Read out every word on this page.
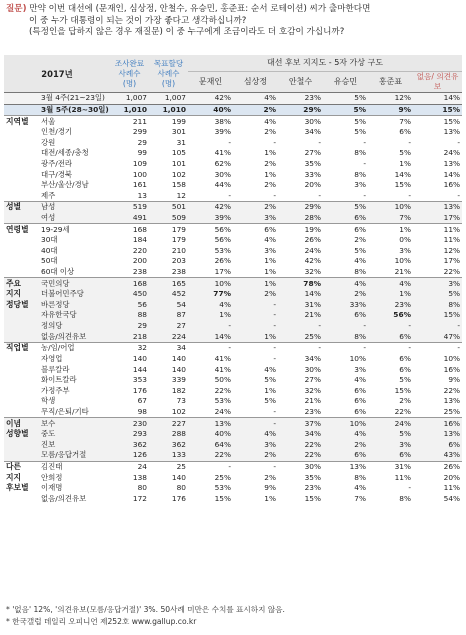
질문) 만약 이번 대선에 (문재인, 심상정, 안철수, 유승민, 홍준표: 순서 로테이션) 씨가 출마한다면
이 중 누가 대통령이 되는 것이 가장 좋다고 생각하십니까?
(특정인을 답하지 않은 경우 재질문) 이 중 누구에게 조금이라도 더 호감이 가십니까?
2017년		조사완료 사례수 (명)	목표할당 사례수 (명)	대선 후보 지지도 - 5자 가상 구도					
				문재인	심상정	안철수	유승민	홍준표	없음/ 의견유보
	3월 4주(21~23일)	1,007	1,007	42%	4%	23%	5%	12%	14%
	3월 5주(28~30일)	1,010	1,010	40%	2%	29%	5%	9%	15%
지역별	서울	211	199	38%	4%	30%	5%	7%	15%
	인천/경기	299	301	39%	2%	34%	5%	6%	13%
	강원	29	31	-	-	-	-	-	-
	대전/세종/충청	99	105	41%	1%	27%	8%	5%	24%
	광주/전라	109	101	62%	2%	35%	-	1%	13%
	대구/경북	100	102	30%	1%	33%	8%	14%	14%
	부산/울산/경남	161	158	44%	2%	20%	3%	15%	16%
	제주	13	12	-	-	-	-	-	-
성별	남성	519	501	42%	2%	29%	5%	10%	13%
	여성	491	509	39%	3%	28%	6%	7%	17%
연령별	19-29세	168	179	56%	6%	19%	6%	1%	11%
	30대	184	179	56%	4%	26%	2%	0%	11%
	40대	220	210	53%	3%	24%	5%	3%	12%
	50대	200	203	26%	1%	42%	4%	10%	17%
	60대 이상	238	238	17%	1%	32%	8%	21%	22%
주요	국민의당	168	165	10%	1%	78%	4%	4%	3%
지지	더불어민주당	450	452	77%	2%	14%	2%	1%	5%
정당별	바른정당	56	54	4%	-	31%	33%	23%	8%
	자유한국당	88	87	1%	-	21%	6%	56%	15%
	정의당	29	27	-	-	-	-	-	-
	없음/의견유보	218	224	14%	1%	25%	8%	6%	47%
직업별	농/임/어업	32	34	-	-	-	-	-	-
	자영업	140	140	41%	-	34%	10%	6%	10%
	블루칼라	144	140	41%	4%	30%	3%	6%	16%
	화이트칼라	353	339	50%	5%	27%	4%	5%	9%
	가정주부	176	182	22%	1%	32%	6%	15%	22%
	학생	67	73	53%	5%	21%	6%	2%	13%
	무직/은퇴/기타	98	102	24%	-	23%	6%	22%	25%
이념	보수	230	227	13%	-	37%	10%	24%	16%
성향별	중도	293	288	40%	4%	34%	4%	5%	13%
	진보	362	362	64%	3%	22%	2%	3%	6%
	모름/응답거절	126	133	22%	2%	22%	6%	6%	43%
다른	김진태	24	25	-	-	30%	13%	31%	26%
지지	안희정	138	140	25%	2%	35%	8%	11%	20%
후보별	이재명	80	80	53%	9%	23%	4%	-	11%
	없음/의견유보	172	176	15%	1%	15%	7%	8%	54%
* '없음' 12%, '의견유보(모름/응답거절)' 3%. 50사례 미만은 수치를 표시하지 않음.
* 한국갤럽 데일리 오피니언 제252호 www.gallup.co.kr
